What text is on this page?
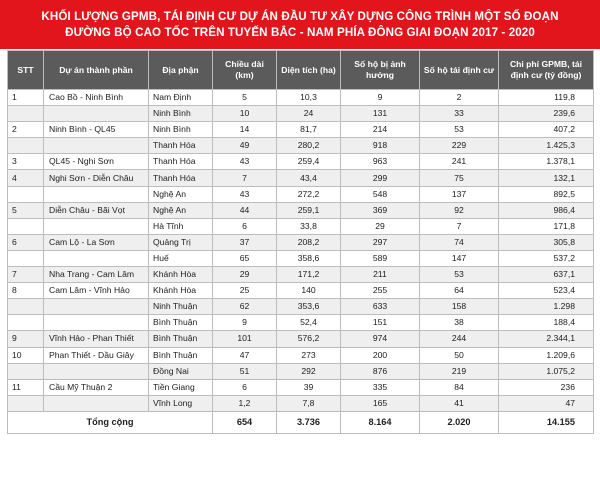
KHỐI LƯỢNG GPMB, TÁI ĐỊNH CƯ DỰ ÁN ĐẦU TƯ XÂY DỰNG CÔNG TRÌNH MỘT SỐ ĐOẠN
ĐƯỜNG BỘ CAO TỐC TRÊN TUYẾN BẮC - NAM PHÍA ĐÔNG GIAI ĐOẠN 2017 - 2020
STT	Dự án thành phần	Địa phận	Chiều dài (km)	Diện tích (ha)	Số hộ bị ảnh hưởng	Số hộ tái định cư	Chi phí GPMB, tái định cư (tỷ đồng)
1	Cao Bồ - Ninh Bình	Nam Định	5	10,3	9	2	119,8
		Ninh Bình	10	24	131	33	239,6
2	Ninh Bình - QL45	Ninh Bình	14	81,7	214	53	407,2
		Thanh Hóa	49	280,2	918	229	1.425,3
3	QL45 - Nghi Sơn	Thanh Hóa	43	259,4	963	241	1.378,1
4	Nghi Sơn - Diễn Châu	Thanh Hóa	7	43,4	299	75	132,1
		Nghệ An	43	272,2	548	137	892,5
5	Diễn Châu - Bãi Vọt	Nghệ An	44	259,1	369	92	986,4
		Hà Tĩnh	6	33,8	29	7	171,8
6	Cam Lộ - La Sơn	Quảng Trị	37	208,2	297	74	305,8
		Huế	65	358,6	589	147	537,2
7	Nha Trang - Cam Lâm	Khánh Hòa	29	171,2	211	53	637,1
8	Cam Lâm - Vĩnh Hảo	Khánh Hòa	25	140	255	64	523,4
		Ninh Thuận	62	353,6	633	158	1.298
		Bình Thuận	9	52,4	151	38	188,4
9	Vĩnh Hảo - Phan Thiết	Bình Thuận	101	576,2	974	244	2.344,1
10	Phan Thiết - Dầu Giây	Bình Thuận	47	273	200	50	1.209,6
		Đồng Nai	51	292	876	219	1.075,2
11	Cầu Mỹ Thuận 2	Tiền Giang	6	39	335	84	236
		Vĩnh Long	1,2	7,8	165	41	47
Tổng cộng			654	3.736	8.164	2.020	14.155
